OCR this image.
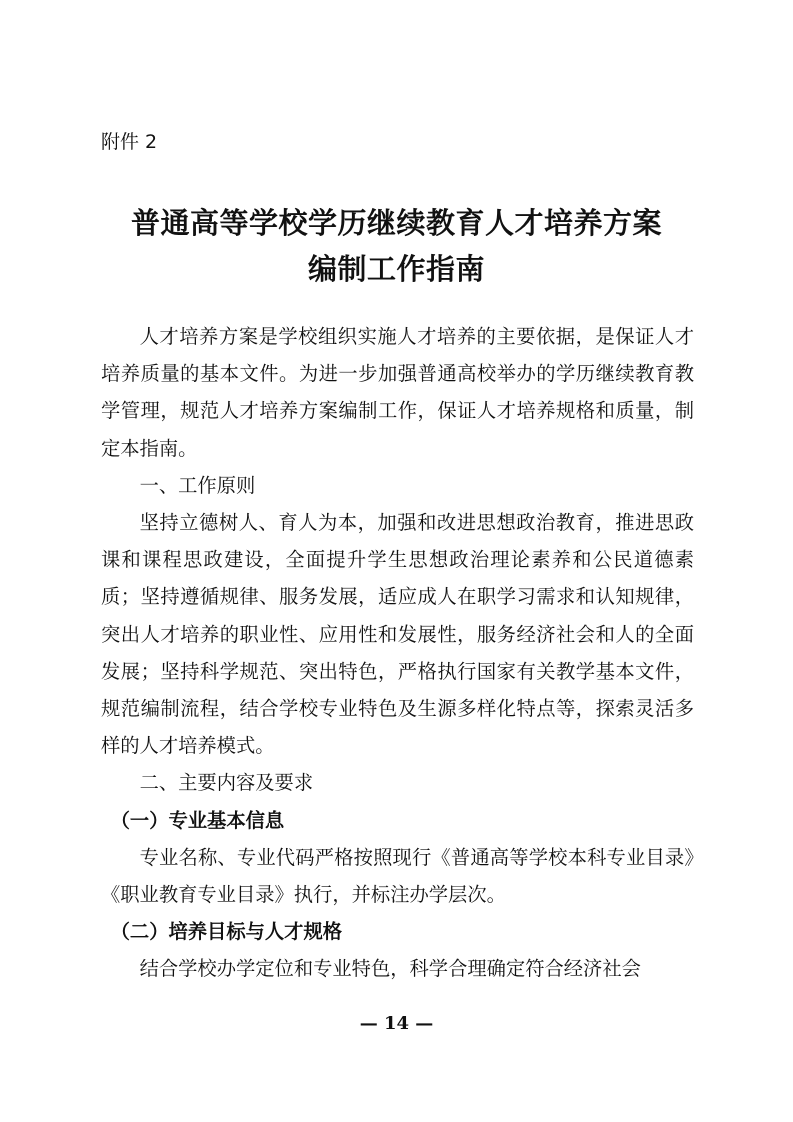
附件 2
普通高等学校学历继续教育人才培养方案
编制工作指南

人才培养方案是学校组织实施人才培养的主要依据，是保证人才培养质量的基本文件。为进一步加强普通高校举办的学历继续教育教学管理，规范人才培养方案编制工作，保证人才培养规格和质量，制定本指南。

一、工作原则

坚持立德树人、育人为本，加强和改进思想政治教育，推进思政课和课程思政建设，全面提升学生思想政治理论素养和公民道德素质；坚持遵循规律、服务发展，适应成人在职学习需求和认知规律，突出人才培养的职业性、应用性和发展性，服务经济社会和人的全面发展；坚持科学规范、突出特色，严格执行国家有关教学基本文件，规范编制流程，结合学校专业特色及生源多样化特点等，探索灵活多样的人才培养模式。

二、主要内容及要求
（一）专业基本信息

专业名称、专业代码严格按照现行《普通高等学校本科专业目录》《职业教育专业目录》执行，并标注办学层次。

（二）培养目标与人才规格

结合学校办学定位和专业特色，科学合理确定符合经济社会

— 14 —
